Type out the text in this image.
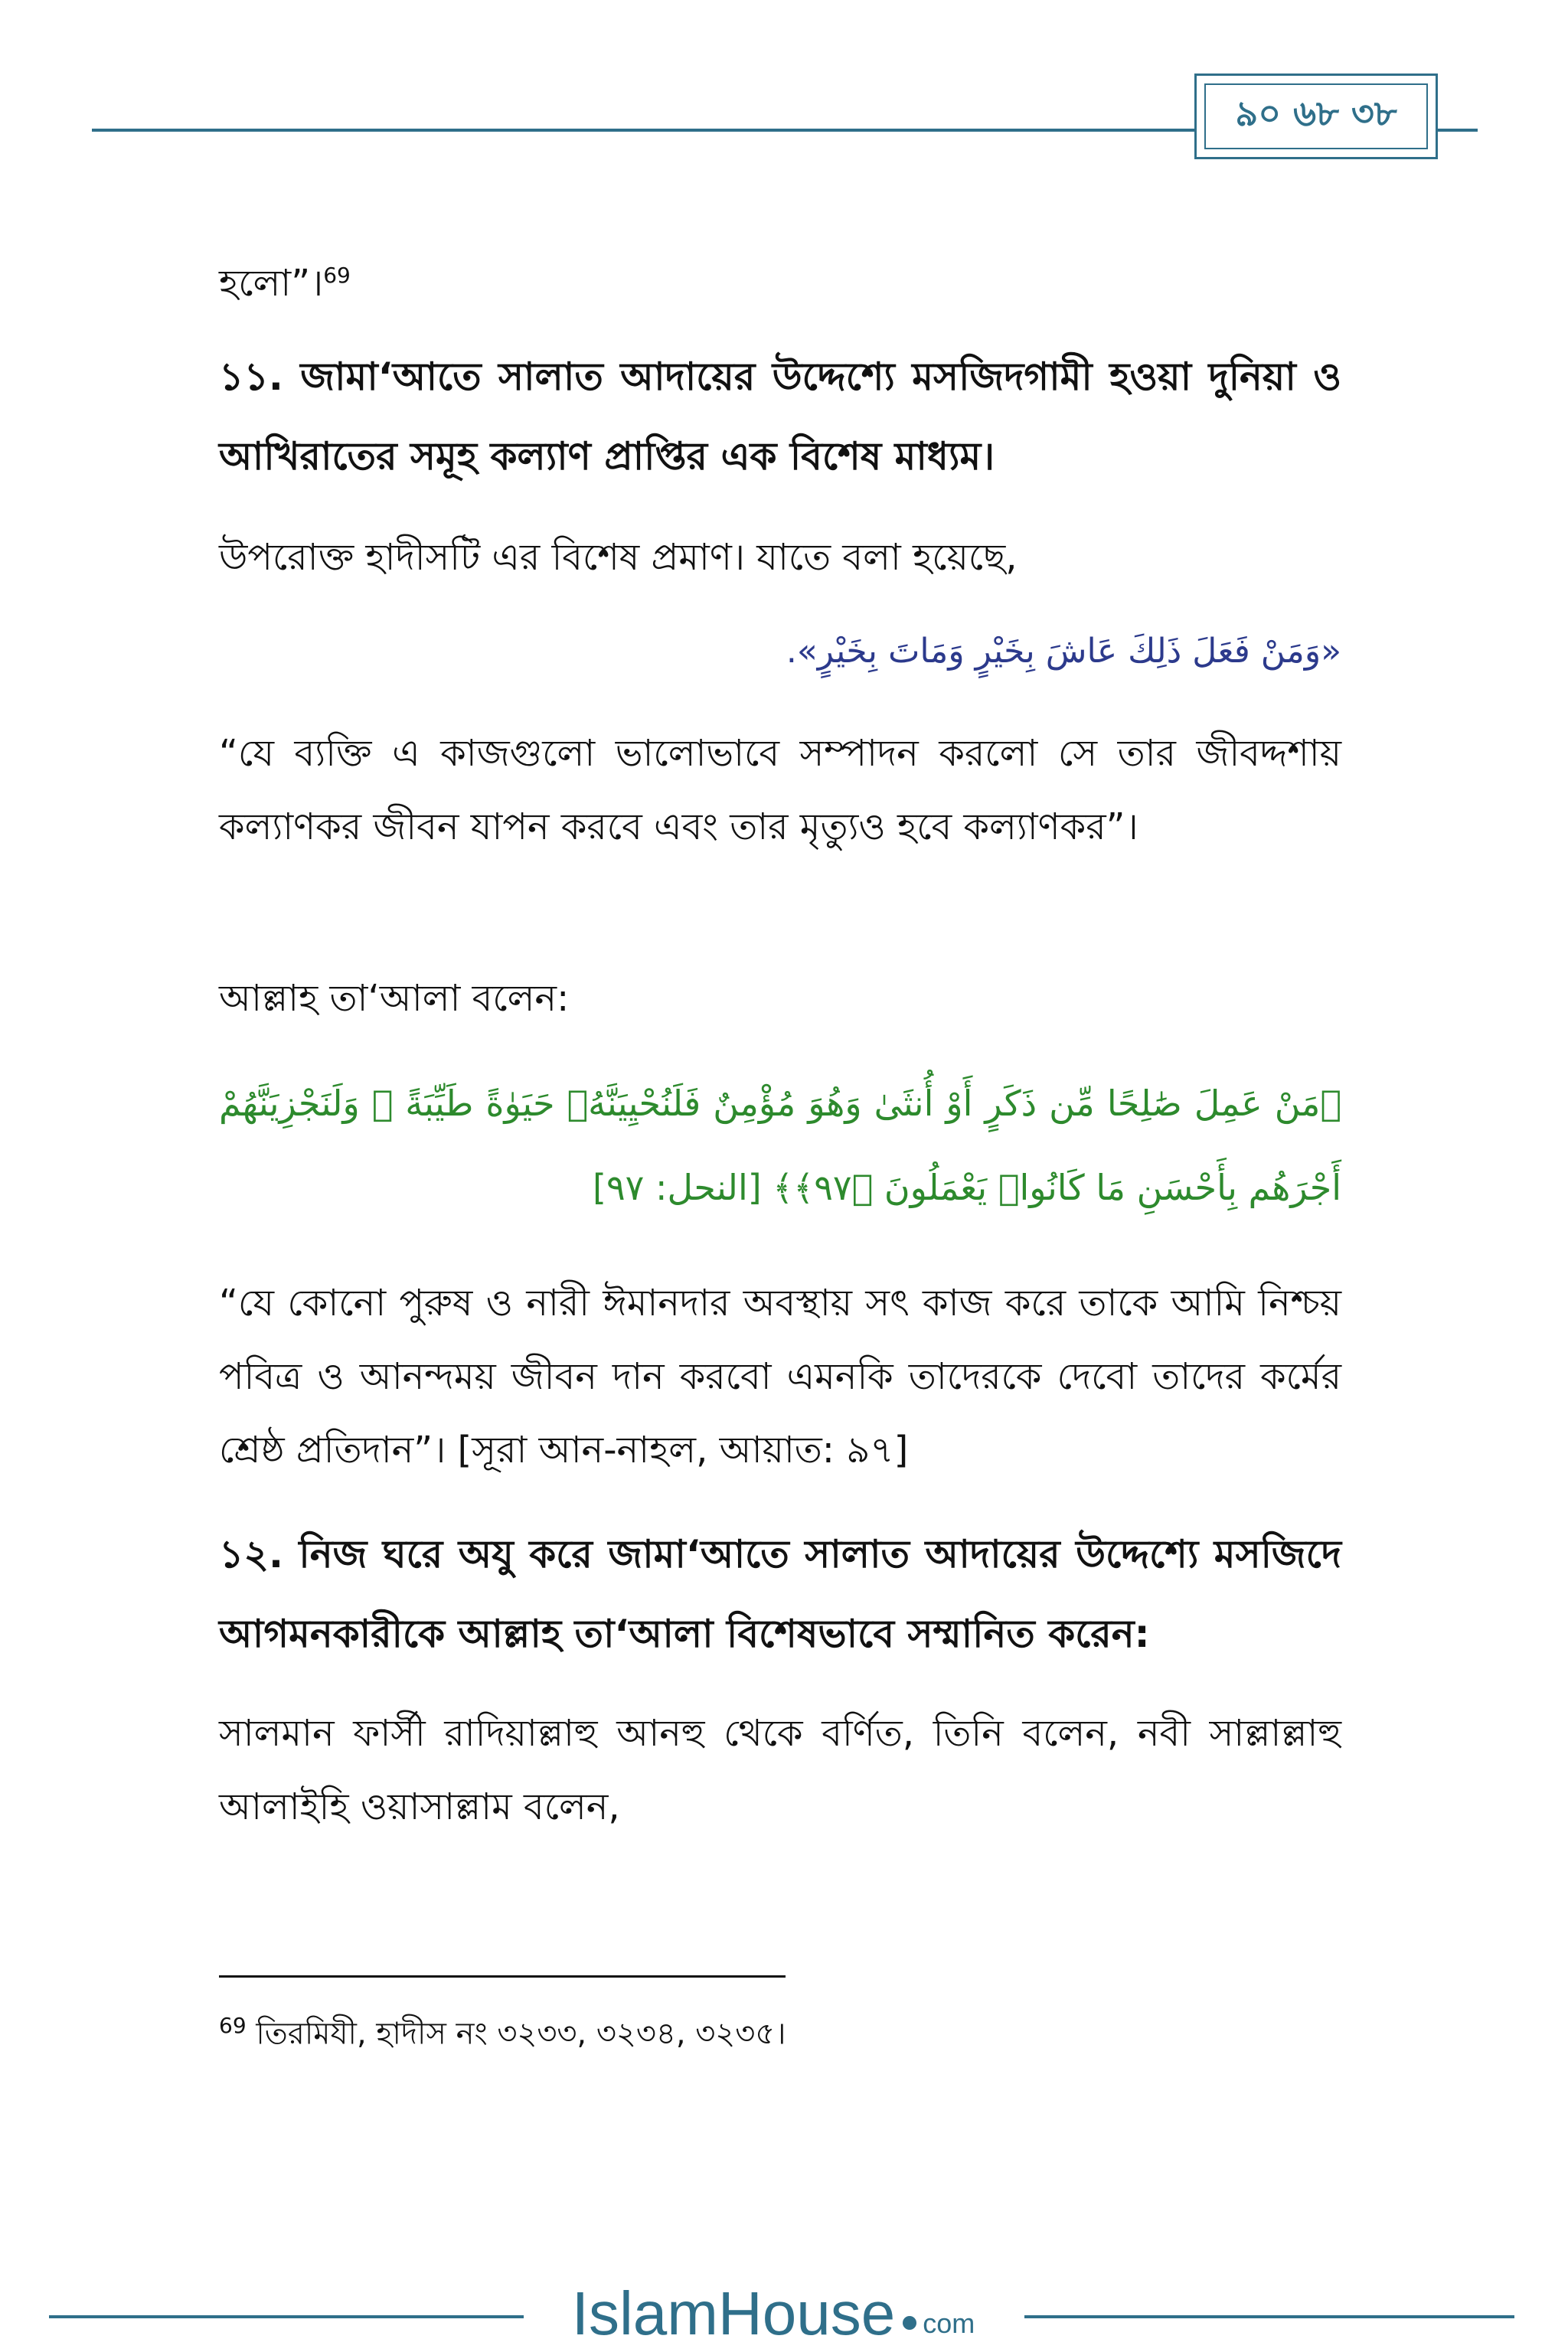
৯০ ৬৮ ৩৮

হলো”।$^{69}$

১১. জামা‘আতে সালাত আদায়ের উদ্দেশ্যে মসজিদগামী হওয়া দুনিয়া ও আখিরাতের সমূহ কল্যাণ প্রাপ্তির এক বিশেষ মাধ্যম।

উপরোক্ত হাদীসটি এর বিশেষ প্রমাণ। যাতে বলা হয়েছে,

«وَمَنْ فَعَلَ ذَلِكَ عَاشَ بِخَيْرٍ وَمَاتَ بِخَيْرٍ».

“যে ব্যক্তি এ কাজগুলো ভালোভাবে সম্পাদন করলো সে তার জীবদ্দশায় কল্যাণকর জীবন যাপন করবে এবং তার মৃত্যুও হবে কল্যাণকর”।

আল্লাহ তা‘আলা বলেন:

﴿مَنْ عَمِلَ صَٰلِحًا مِّن ذَكَرٍ أَوْ أُنثَىٰ وَهُوَ مُؤْمِنٌ فَلَنُحْيِيَنَّهُۥ حَيَوٰةً طَيِّبَةً ۖ وَلَنَجْزِيَنَّهُمْ أَجْرَهُم بِأَحْسَنِ مَا كَانُوا۟ يَعْمَلُونَ ﴿٩٧﴾﴾ [النحل: ٩٧]

“যে কোনো পুরুষ ও নারী ঈমানদার অবস্থায় সৎ কাজ করে তাকে আমি নিশ্চয় পবিত্র ও আনন্দময় জীবন দান করবো এমনকি তাদেরকে দেবো তাদের কর্মের শ্রেষ্ঠ প্রতিদান”। [সূরা আন-নাহল, আয়াত: ৯৭]

১২. নিজ ঘরে অযু করে জামা‘আতে সালাত আদায়ের উদ্দেশ্যে মসজিদে আগমনকারীকে আল্লাহ তা‘আলা বিশেষভাবে সম্মানিত করেন:

সালমান ফার্সী রাদিয়াল্লাহু আনহু থেকে বর্ণিত, তিনি বলেন, নবী সাল্লাল্লাহু আলাইহি ওয়াসাল্লাম বলেন,

$^{69}$ তিরমিযী, হাদীস নং ৩২৩৩, ৩২৩৪, ৩২৩৫।
IslamHouse com
